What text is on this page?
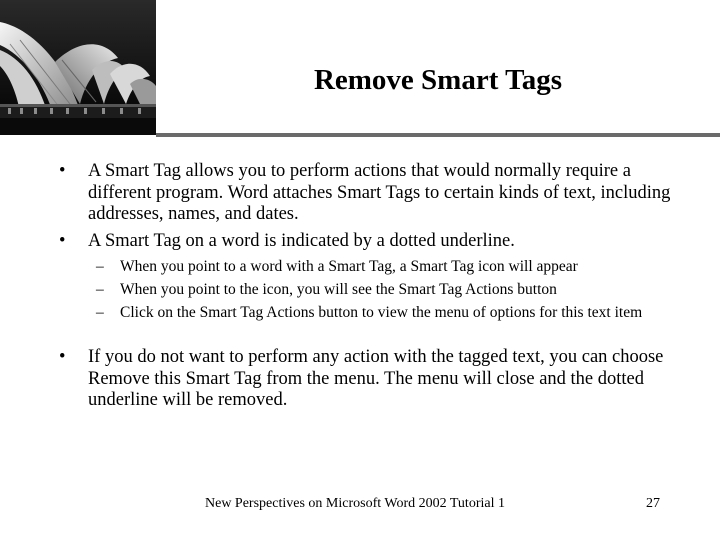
Remove Smart Tags
• A Smart Tag allows you to perform actions that would normally require a different program. Word attaches Smart Tags to certain kinds of text, including addresses, names, and dates.
• A Smart Tag on a word is indicated by a dotted underline.
– When you point to a word with a Smart Tag, a Smart Tag icon will appear
– When you point to the icon, you will see the Smart Tag Actions button
– Click on the Smart Tag Actions button to view the menu of options for this text item
• If you do not want to perform any action with the tagged text, you can choose Remove this Smart Tag from the menu. The menu will close and the dotted underline will be removed.
New Perspectives on Microsoft Word 2002 Tutorial 1	27
